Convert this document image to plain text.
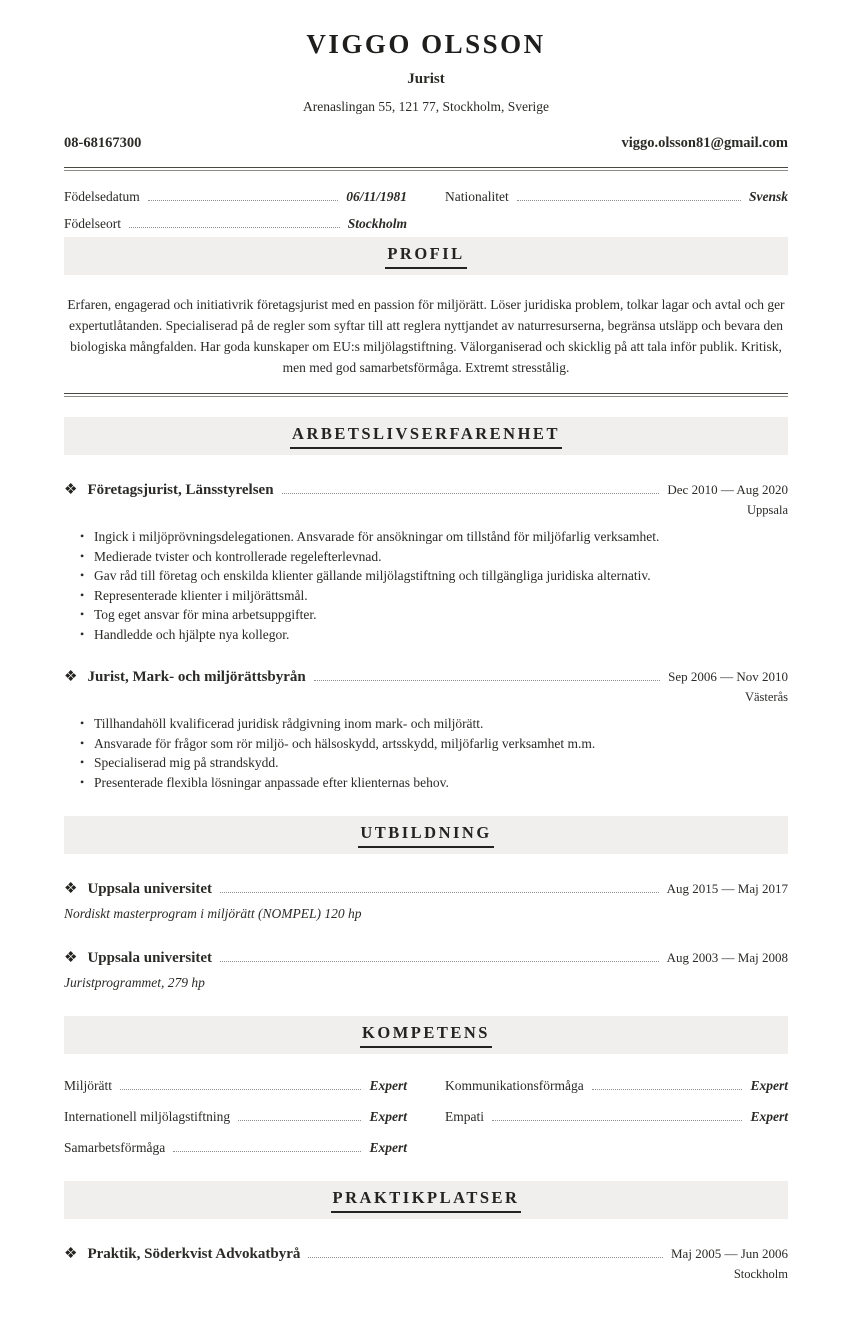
VIGGO OLSSON
Jurist
Arenaslingan 55, 121 77, Stockholm, Sverige
08-68167300	viggo.olsson81@gmail.com
Födelsedatum	06/11/1981	Nationalitet	Svensk
Födelseort	Stockholm
PROFIL
Erfaren, engagerad och initiativrik företagsjurist med en passion för miljörätt. Löser juridiska problem, tolkar lagar och avtal och ger expertutlåtanden. Specialiserad på de regler som syftar till att reglera nyttjandet av naturresurserna, begränsa utsläpp och bevara den biologiska mångfalden. Har goda kunskaper om EU:s miljölagstiftning. Välorganiserad och skicklig på att tala inför publik. Kritisk, men med god samarbetsförmåga. Extremt stresstålig.
ARBETSLIVSERFARENHET
❖ Företagsjurist, Länsstyrelsen	Dec 2010 — Aug 2020
Uppsala
• Ingick i miljöprövningsdelegationen. Ansvarade för ansökningar om tillstånd för miljöfarlig verksamhet.
• Medierade tvister och kontrollerade regelefterlevnad.
• Gav råd till företag och enskilda klienter gällande miljölagstiftning och tillgängliga juridiska alternativ.
• Representerade klienter i miljörättsmål.
• Tog eget ansvar för mina arbetsuppgifter.
• Handledde och hjälpte nya kollegor.
❖ Jurist, Mark- och miljörättsbyrån	Sep 2006 — Nov 2010
Västerås
• Tillhandahöll kvalificerad juridisk rådgivning inom mark- och miljörätt.
• Ansvarade för frågor som rör miljö- och hälsoskydd, artsskydd, miljöfarlig verksamhet m.m.
• Specialiserad mig på strandskydd.
• Presenterade flexibla lösningar anpassade efter klienternas behov.
UTBILDNING
❖ Uppsala universitet	Aug 2015 — Maj 2017
Nordiskt masterprogram i miljörätt (NOMPEL) 120 hp
❖ Uppsala universitet	Aug 2003 — Maj 2008
Juristprogrammet, 279 hp
KOMPETENS
Miljörätt	Expert
Internationell miljölagstiftning	Expert
Samarbetsförmåga	Expert
Kommunikationsförmåga	Expert
Empati	Expert
PRAKTIKPLATSER
❖ Praktik, Söderkvist Advokatbyrå	Maj 2005 — Jun 2006
Stockholm
